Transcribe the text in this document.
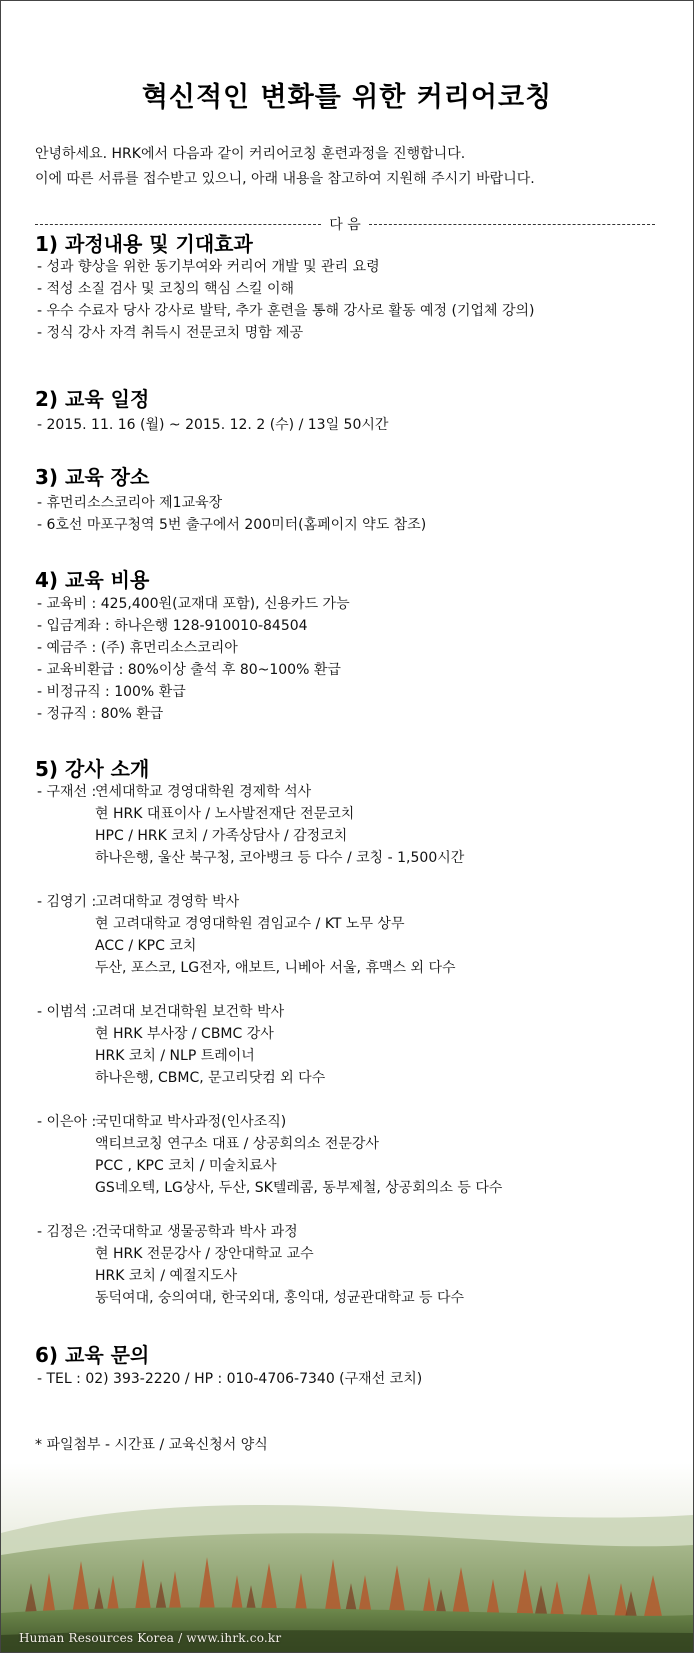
혁신적인 변화를 위한 커리어코칭
안녕하세요. HRK에서 다음과 같이 커리어코칭 훈련과정을 진행합니다.
이에 따른 서류를 접수받고 있으니, 아래 내용을 참고하여 지원해 주시기 바랍니다.
다 음
1) 과정내용 및 기대효과
- 성과 향상을 위한 동기부여와 커리어 개발 및 관리 요령
- 적성 소질 검사 및 코칭의 핵심 스킬 이해
- 우수 수료자 당사 강사로 발탁, 추가 훈련을 통해 강사로 활동 예정 (기업체 강의)
- 정식 강사 자격 취득시 전문코치 명함 제공
2) 교육 일정
- 2015. 11. 16 (월) ~ 2015. 12. 2 (수) / 13일 50시간
3) 교육 장소
- 휴먼리소스코리아 제1교육장
- 6호선 마포구청역 5번 출구에서 200미터(홈페이지 약도 참조)
4) 교육 비용
- 교육비 : 425,400원(교재대 포함), 신용카드 가능
- 입금계좌 : 하나은행 128-910010-84504
- 예금주 : (주) 휴먼리소스코리아
- 교육비환급 : 80%이상 출석 후 80~100% 환급
- 비정규직 : 100% 환급
- 정규직 : 80% 환급
5) 강사 소개
- 구재선 :
연세대학교 경영대학원 경제학 석사
현 HRK 대표이사 / 노사발전재단 전문코치
HPC / HRK 코치 / 가족상담사 / 감정코치
하나은행, 울산 북구청, 코아뱅크 등 다수 / 코칭 - 1,500시간
- 김영기 :
고려대학교 경영학 박사
현 고려대학교 경영대학원 겸임교수 / KT 노무 상무
ACC / KPC 코치
두산, 포스코, LG전자, 애보트, 니베아 서울, 휴맥스 외 다수
- 이범석 :
고려대 보건대학원 보건학 박사
현 HRK 부사장 / CBMC 강사
HRK 코치 / NLP 트레이너
하나은행, CBMC, 문고리닷컴 외 다수
- 이은아 :
국민대학교 박사과정(인사조직)
액티브코칭 연구소 대표 / 상공회의소 전문강사
PCC , KPC 코치 / 미술치료사
GS네오텍, LG상사, 두산, SK텔레콤, 동부제철, 상공회의소 등 다수
- 김정은 :
건국대학교 생물공학과 박사 과정
현 HRK 전문강사 / 장안대학교 교수
HRK 코치 / 예절지도사
동덕여대, 숭의여대, 한국외대, 홍익대, 성균관대학교 등 다수
6) 교육 문의
- TEL : 02) 393-2220 / HP : 010-4706-7340 (구재선 코치)
* 파일첨부 - 시간표 / 교육신청서 양식
Human Resources Korea / www.ihrk.co.kr
